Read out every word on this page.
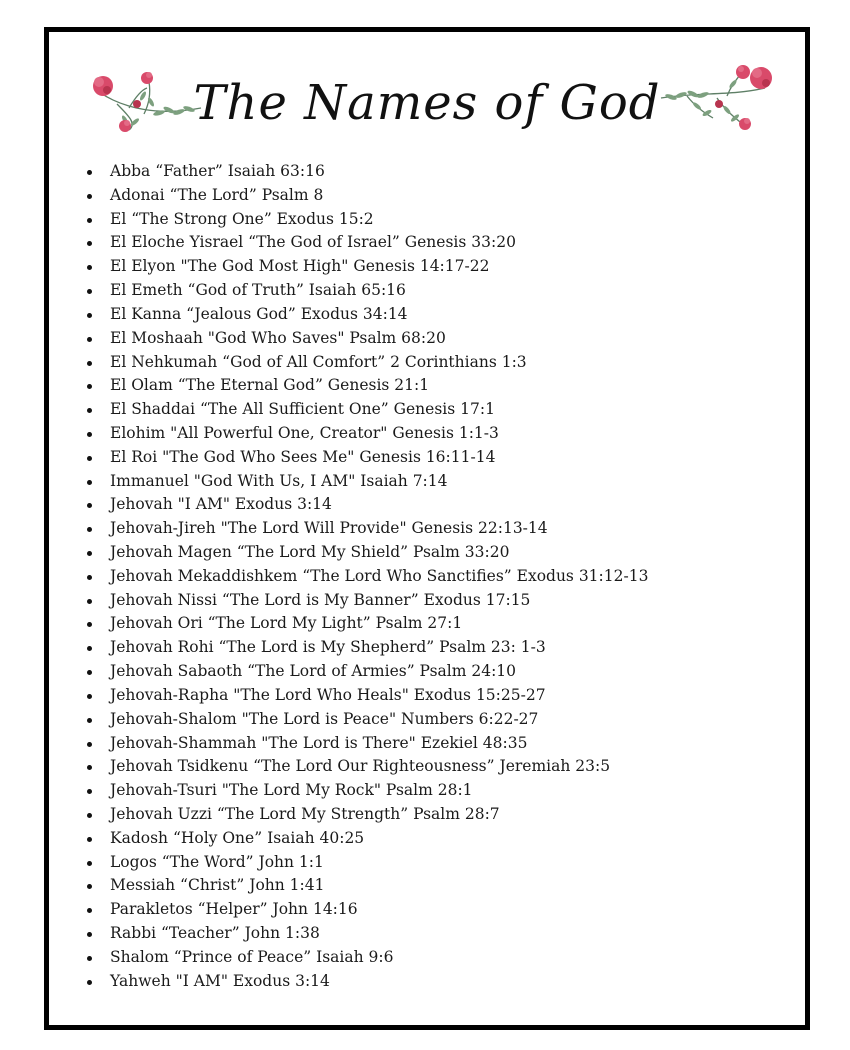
The Names of God
Abba “Father” Isaiah 63:16
Adonai “The Lord” Psalm 8
El “The Strong One” Exodus 15:2
El Eloche Yisrael “The God of Israel” Genesis 33:20
El Elyon "The God Most High" Genesis 14:17-22
El Emeth “God of Truth” Isaiah 65:16
El Kanna “Jealous God” Exodus 34:14
El Moshaah "God Who Saves" Psalm 68:20
El Nehkumah “God of All Comfort” 2 Corinthians 1:3
El Olam “The Eternal God” Genesis 21:1
El Shaddai “The All Sufficient One” Genesis 17:1
Elohim "All Powerful One, Creator" Genesis 1:1-3
El Roi "The God Who Sees Me" Genesis 16:11-14
Immanuel "God With Us, I AM" Isaiah 7:14
Jehovah "I AM" Exodus 3:14
Jehovah-Jireh "The Lord Will Provide" Genesis 22:13-14
Jehovah Magen “The Lord My Shield” Psalm 33:20
Jehovah Mekaddishkem “The Lord Who Sanctifies” Exodus 31:12-13
Jehovah Nissi “The Lord is My Banner” Exodus 17:15
Jehovah Ori “The Lord My Light” Psalm 27:1
Jehovah Rohi “The Lord is My Shepherd” Psalm 23: 1-3
Jehovah Sabaoth “The Lord of Armies” Psalm 24:10
Jehovah-Rapha "The Lord Who Heals" Exodus 15:25-27
Jehovah-Shalom "The Lord is Peace" Numbers 6:22-27
Jehovah-Shammah "The Lord is There" Ezekiel 48:35
Jehovah Tsidkenu “The Lord Our Righteousness” Jeremiah 23:5
Jehovah-Tsuri "The Lord My Rock" Psalm 28:1
Jehovah Uzzi “The Lord My Strength” Psalm 28:7
Kadosh “Holy One” Isaiah 40:25
Logos “The Word” John 1:1
Messiah “Christ” John 1:41
Parakletos “Helper” John 14:16
Rabbi “Teacher” John 1:38
Shalom “Prince of Peace” Isaiah 9:6
Yahweh "I AM" Exodus 3:14
